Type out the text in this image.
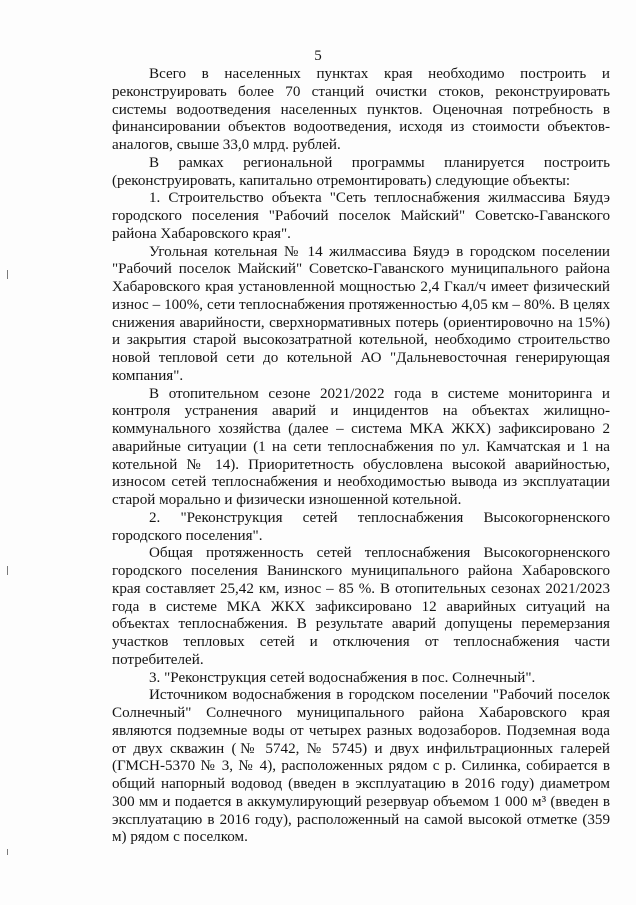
5

Всего в населенных пунктах края необходимо построить и реконструировать более 70 станций очистки стоков, реконструировать системы водоотведения населенных пунктов. Оценочная потребность в финансировании объектов водоотведения, исходя из стоимости объектов-аналогов, свыше 33,0 млрд. рублей.

В рамках региональной программы планируется построить (реконструировать, капитально отремонтировать) следующие объекты:

1. Строительство объекта "Сеть теплоснабжения жилмассива Бяудэ городского поселения "Рабочий поселок Майский" Советско-Гаванского района Хабаровского края".

Угольная котельная № 14 жилмассива Бяудэ в городском поселении "Рабочий поселок Майский" Советско-Гаванского муниципального района Хабаровского края установленной мощностью 2,4 Гкал/ч имеет физический износ – 100%, сети теплоснабжения протяженностью 4,05 км – 80%. В целях снижения аварийности, сверхнормативных потерь (ориентировочно на 15%) и закрытия старой высокозатратной котельной, необходимо строительство новой тепловой сети до котельной АО "Дальневосточная генерирующая компания".

В отопительном сезоне 2021/2022 года в системе мониторинга и контроля устранения аварий и инцидентов на объектах жилищно-коммунального хозяйства (далее – система МКА ЖКХ) зафиксировано 2 аварийные ситуации (1 на сети теплоснабжения по ул. Камчатская и 1 на котельной № 14). Приоритетность обусловлена высокой аварийностью, износом сетей теплоснабжения и необходимостью вывода из эксплуатации старой морально и физически изношенной котельной.

2. "Реконструкция сетей теплоснабжения Высокогорненского городского поселения".

Общая протяженность сетей теплоснабжения Высокогорненского городского поселения Ванинского муниципального района Хабаровского края составляет 25,42 км, износ – 85 %. В отопительных сезонах 2021/2023 года в системе МКА ЖКХ зафиксировано 12 аварийных ситуаций на объектах теплоснабжения. В результате аварий допущены перемерзания участков тепловых сетей и отключения от теплоснабжения части потребителей.

3. "Реконструкция сетей водоснабжения в пос. Солнечный".

Источником водоснабжения в городском поселении "Рабочий поселок Солнечный" Солнечного муниципального района Хабаровского края являются подземные воды от четырех разных водозаборов. Подземная вода от двух скважин (№ 5742, № 5745) и двух инфильтрационных галерей (ГМСН-5370 № 3, № 4), расположенных рядом с р. Силинка, собирается в общий напорный водовод (введен в эксплуатацию в 2016 году) диаметром 300 мм и подается в аккумулирующий резервуар объемом 1 000 м³ (введен в эксплуатацию в 2016 году), расположенный на самой высокой отметке (359 м) рядом с поселком.
